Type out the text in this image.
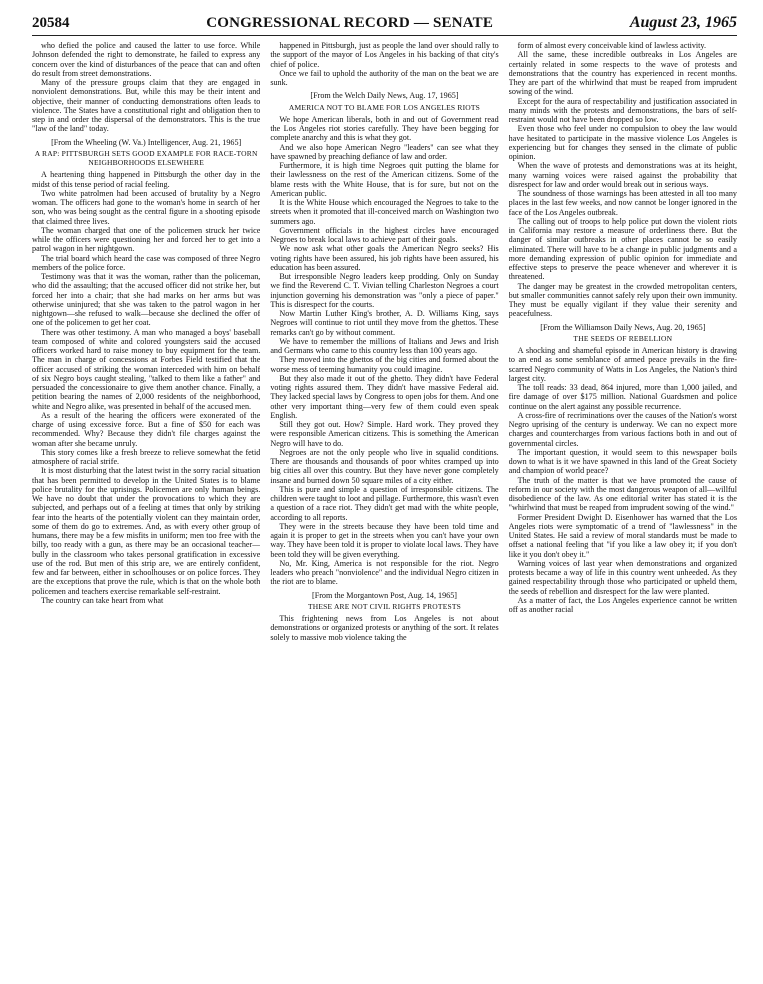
20584	CONGRESSIONAL RECORD — SENATE	August 23, 1965

who defied the police and caused the latter to use force. While Johnson defended the right to demonstrate, he failed to express any concern over the kind of disturbances of the peace that can and often do result from street demonstrations.

Many of the pressure groups claim that they are engaged in nonviolent demonstrations. But, while this may be their intent and objective, their manner of conducting demonstrations often leads to violence. The States have a constitutional right and obligation then to step in and order the dispersal of the demonstrators. This is the true "law of the land" today.

[From the Wheeling (W. Va.) Intelligencer, Aug. 21, 1965]

A RAP: PITTSBURGH SETS GOOD EXAMPLE FOR RACE-TORN NEIGHBORHOODS ELSEWHERE

A heartening thing happened in Pittsburgh the other day in the midst of this tense period of racial feeling.

Two white patrolmen had been accused of brutality by a Negro woman. The officers had gone to the woman's home in search of her son, who was being sought as the central figure in a shooting episode that claimed three lives.

The woman charged that one of the policemen struck her twice while the officers were questioning her and forced her to get into a patrol wagon in her nightgown.

The trial board which heard the case was composed of three Negro members of the police force.

Testimony was that it was the woman, rather than the policeman, who did the assaulting; that the accused officer did not strike her, but forced her into a chair; that she had marks on her arms but was otherwise uninjured; that she was taken to the patrol wagon in her nightgown—she refused to walk—because she declined the offer of one of the policemen to get her coat.

There was other testimony. A man who managed a boys' baseball team composed of white and colored youngsters said the accused officers worked hard to raise money to buy equipment for the team. The man in charge of concessions at Forbes Field testified that the officer accused of striking the woman interceded with him on behalf of six Negro boys caught stealing, "talked to them like a father" and persuaded the concessionaire to give them another chance. Finally, a petition bearing the names of 2,000 residents of the neighborhood, white and Negro alike, was presented in behalf of the accused men.

As a result of the hearing the officers were exonerated of the charge of using excessive force. But a fine of $50 for each was recommended. Why? Because they didn't file charges against the woman after she became unruly.

This story comes like a fresh breeze to relieve somewhat the fetid atmosphere of racial strife.

It is most disturbing that the latest twist in the sorry racial situation that has been permitted to develop in the United States is to blame police brutality for the uprisings. Policemen are only human beings. We have no doubt that under the provocations to which they are subjected, and perhaps out of a feeling at times that only by striking fear into the hearts of the potentially violent can they maintain order, some of them do go to extremes. And, as with every other group of humans, there may be a few misfits in uniform; men too free with the billy, too ready with a gun, as there may be an occasional teacher—bully in the classroom who takes personal gratification in excessive use of the rod. But men of this strip are, we are entirely confident, few and far between, either in schoolhouses or on police forces. They are the exceptions that prove the rule, which is that on the whole both policemen and teachers exercise remarkable self-restraint.

The country can take heart from what

happened in Pittsburgh, just as people the land over should rally to the support of the mayor of Los Angeles in his backing of that city's chief of police.

Once we fail to uphold the authority of the man on the beat we are sunk.

[From the Welch Daily News, Aug. 17, 1965]

AMERICA NOT TO BLAME FOR LOS ANGELES RIOTS

We hope American liberals, both in and out of Government read the Los Angeles riot stories carefully. They have been begging for complete anarchy and this is what they got.

And we also hope American Negro "leaders" can see what they have spawned by preaching defiance of law and order.

Furthermore, it is high time Negroes quit putting the blame for their lawlessness on the rest of the American citizens. Some of the blame rests with the White House, that is for sure, but not on the American public.

It is the White House which encouraged the Negroes to take to the streets when it promoted that ill-conceived march on Washington two summers ago.

Government officials in the highest circles have encouraged Negroes to break local laws to achieve part of their goals.

We now ask what other goals the American Negro seeks? His voting rights have been assured, his job rights have been assured, his education has been assured.

But irresponsible Negro leaders keep prodding. Only on Sunday we find the Reverend C. T. Vivian telling Charleston Negroes a court injunction governing his demonstration was "only a piece of paper." This is disrespect for the courts.

Now Martin Luther King's brother, A. D. Williams King, says Negroes will continue to riot until they move from the ghettos. These remarks can't go by without comment.

We have to remember the millions of Italians and Jews and Irish and Germans who came to this country less than 100 years ago.

They moved into the ghettos of the big cities and formed about the worse mess of teeming humanity you could imagine.

But they also made it out of the ghetto. They didn't have Federal voting rights assured them. They didn't have massive Federal aid. They lacked special laws by Congress to open jobs for them. And one other very important thing—very few of them could even speak English.

Still they got out. How? Simple. Hard work. They proved they were responsible American citizens. This is something the American Negro will have to do.

Negroes are not the only people who live in squalid conditions. There are thousands and thousands of poor whites cramped up into big cities all over this country. But they have never gone completely insane and burned down 50 square miles of a city either.

This is pure and simple a question of irresponsible citizens. The children were taught to loot and pillage. Furthermore, this wasn't even a question of a race riot. They didn't get mad with the white people, according to all reports.

They were in the streets because they have been told time and again it is proper to get in the streets when you can't have your own way. They have been told it is proper to violate local laws. They have been told they will be given everything.

No, Mr. King, America is not responsible for the riot. Negro leaders who preach "nonviolence" and the individual Negro citizen in the riot are to blame.

[From the Morgantown Post, Aug. 14, 1965]

THESE ARE NOT CIVIL RIGHTS PROTESTS

This frightening news from Los Angeles is not about demonstrations or organized protests or anything of the sort. It relates solely to massive mob violence taking the

form of almost every conceivable kind of lawless activity.

All the same, these incredible outbreaks in Los Angeles are certainly related in some respects to the wave of protests and demonstrations that the country has experienced in recent months. They are part of the whirlwind that must be reaped from imprudent sowing of the wind.

Except for the aura of respectability and justification associated in many minds with the protests and demonstrations, the bars of self-restraint would not have been dropped so low.

Even those who feel under no compulsion to obey the law would have hesitated to participate in the massive violence Los Angeles is experiencing but for changes they sensed in the climate of public opinion.

When the wave of protests and demonstrations was at its height, many warning voices were raised against the probability that disrespect for law and order would break out in serious ways.

The soundness of those warnings has been attested in all too many places in the last few weeks, and now cannot be longer ignored in the face of the Los Angeles outbreak.

The calling out of troops to help police put down the violent riots in California may restore a measure of orderliness there. But the danger of similar outbreaks in other places cannot be so easily eliminated. There will have to be a change in public judgments and a more demanding expression of public opinion for immediate and effective steps to preserve the peace whenever and wherever it is threatened.

The danger may be greatest in the crowded metropolitan centers, but smaller communities cannot safely rely upon their own immunity. They must be equally vigilant if they value their serenity and peacefulness.

[From the Williamson Daily News, Aug. 20, 1965]

THE SEEDS OF REBELLION

A shocking and shameful episode in American history is drawing to an end as some semblance of armed peace prevails in the fire-scarred Negro community of Watts in Los Angeles, the Nation's third largest city.

The toll reads: 33 dead, 864 injured, more than 1,000 jailed, and fire damage of over $175 million. National Guardsmen and police continue on the alert against any possible recurrence.

A cross-fire of recriminations over the causes of the Nation's worst Negro uprising of the century is underway. We can no expect more charges and countercharges from various factions both in and out of governmental circles.

The important question, it would seem to this newspaper boils down to what is it we have spawned in this land of the Great Society and champion of world peace?

The truth of the matter is that we have promoted the cause of reform in our society with the most dangerous weapon of all—willful disobedience of the law. As one editorial writer has stated it is the "whirlwind that must be reaped from imprudent sowing of the wind."

Former President Dwight D. Eisenhower has warned that the Los Angeles riots were symptomatic of a trend of "lawlessness" in the United States. He said a review of moral standards must be made to offset a national feeling that "if you like a law obey it; if you don't like it you don't obey it."

Warning voices of last year when demonstrations and organized protests became a way of life in this country went unheeded. As they gained respectability through those who participated or upheld them, the seeds of rebellion and disrespect for the law were planted.

As a matter of fact, the Los Angeles experience cannot be written off as another racial
